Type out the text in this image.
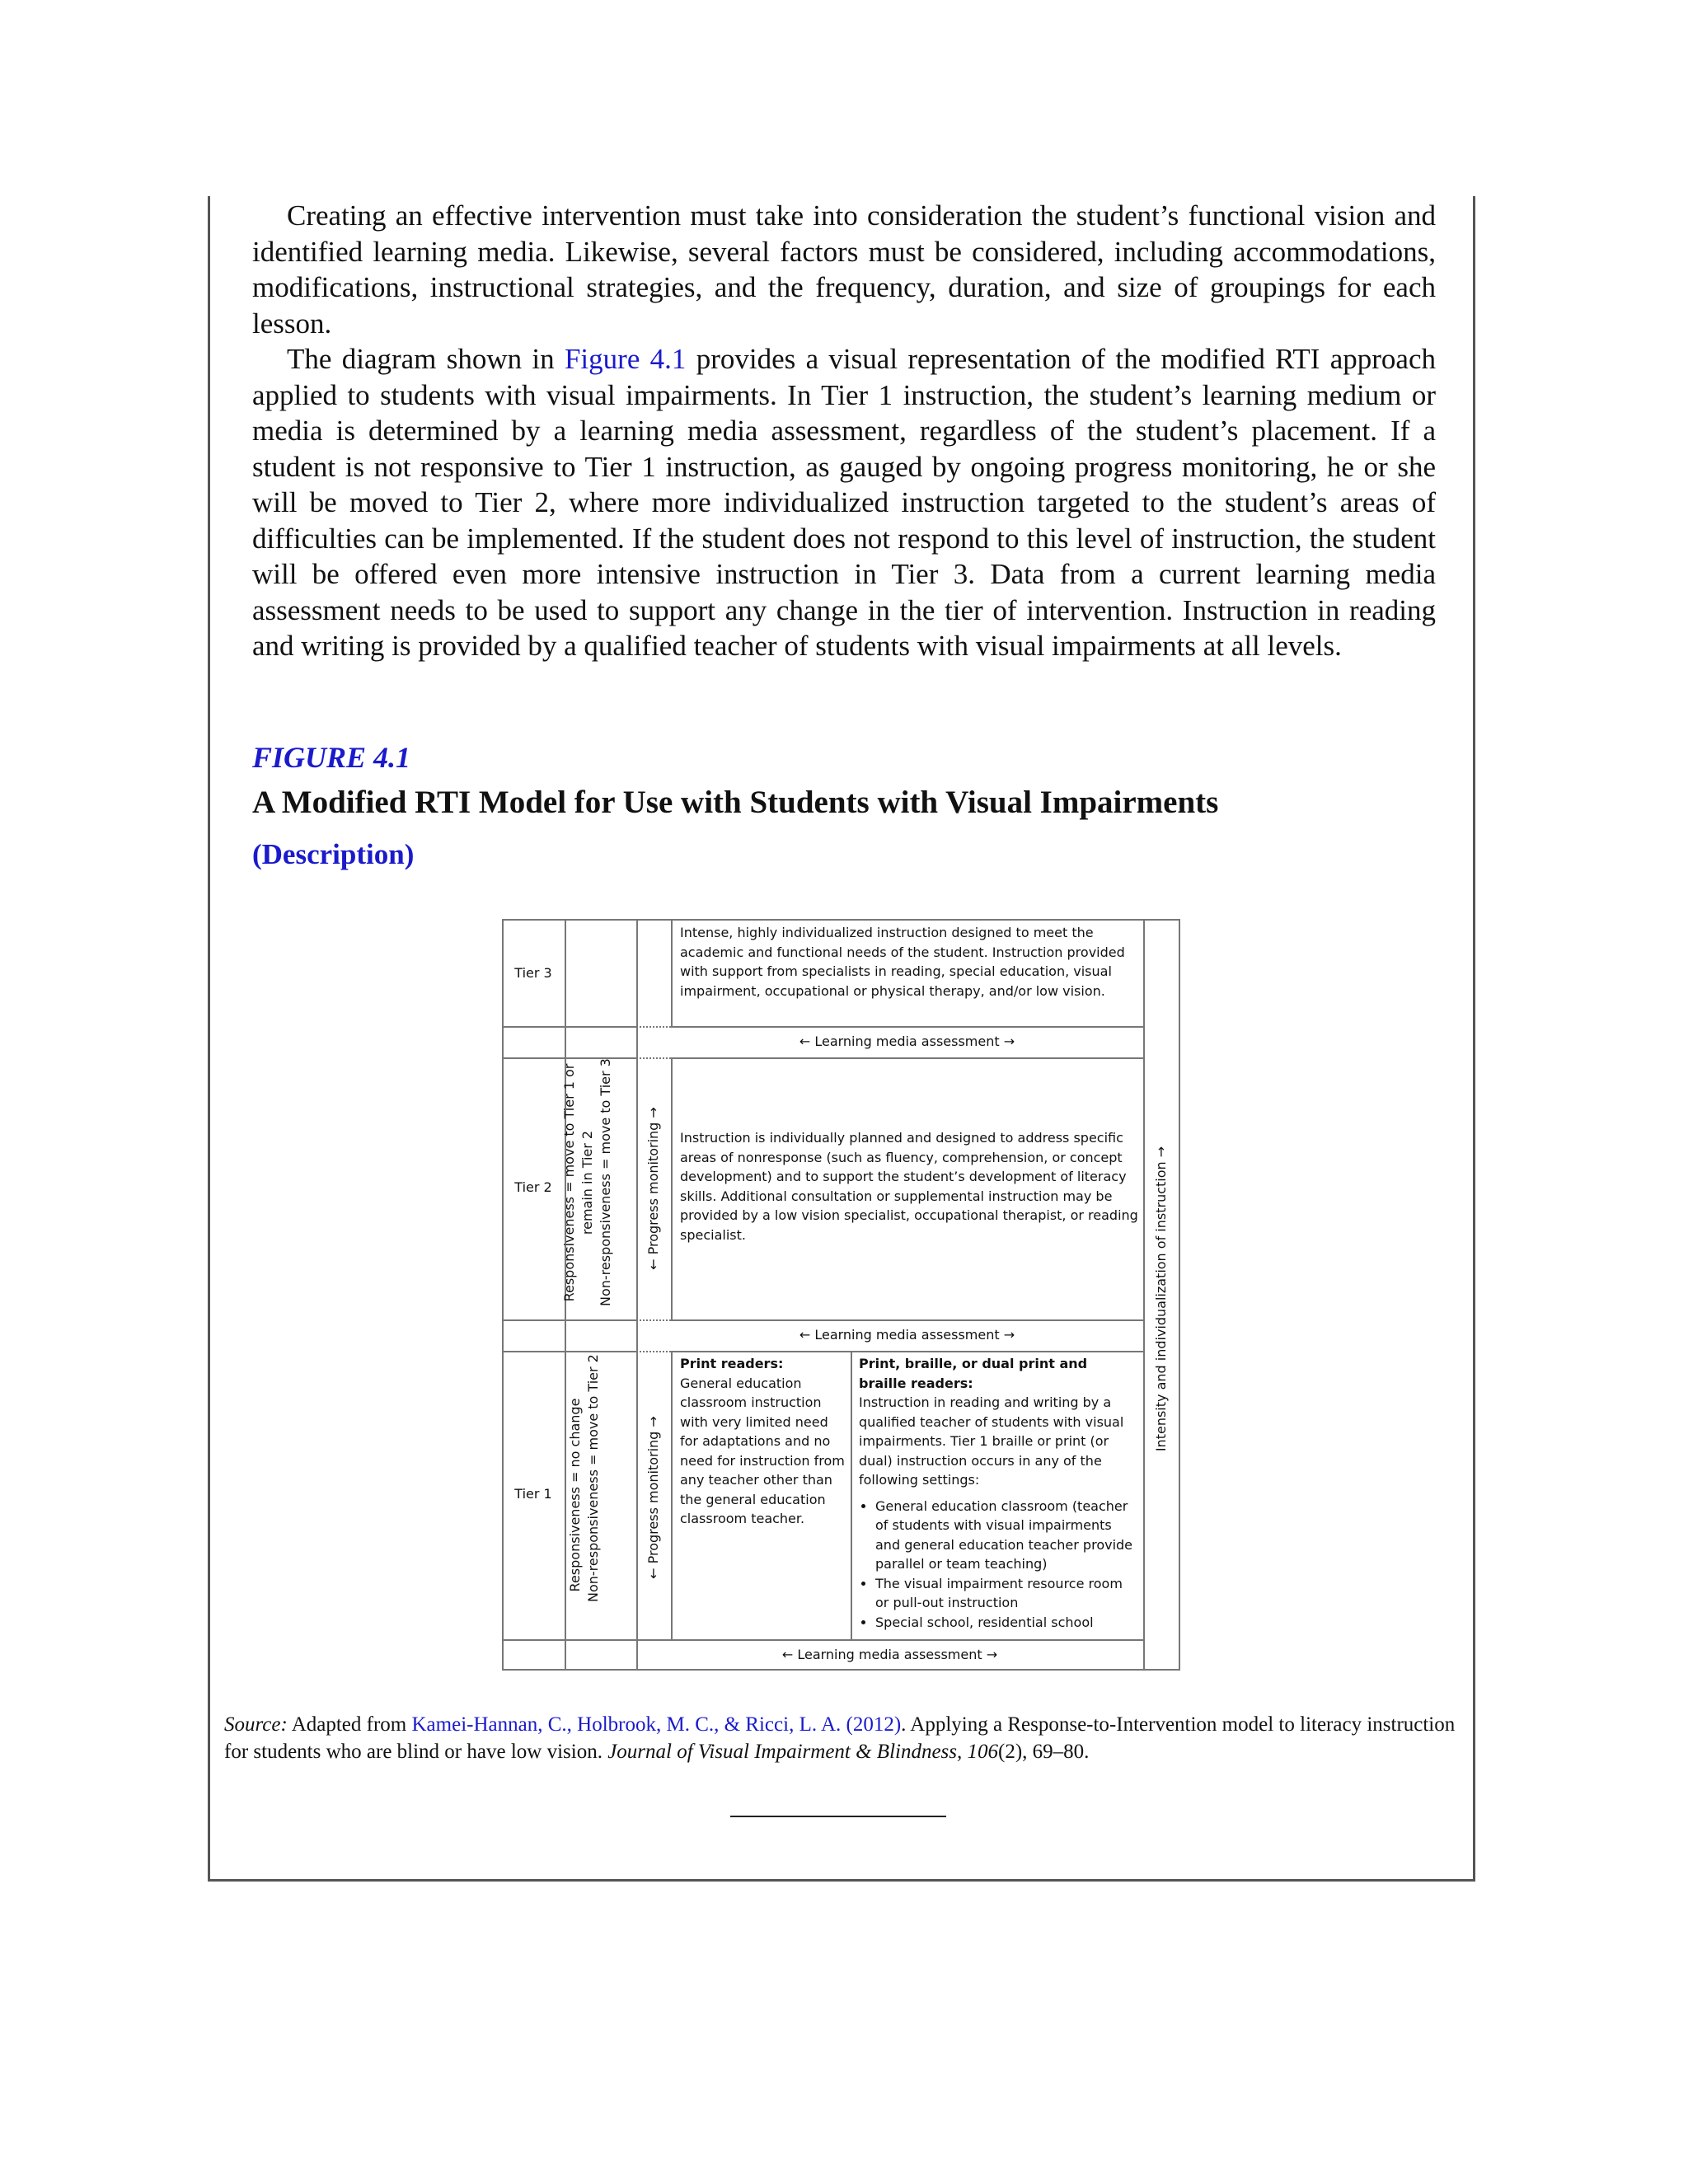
Creating an effective intervention must take into consideration the student’s functional vision and identified learning media. Likewise, several factors must be considered, including accommodations, modifications, instructional strategies, and the frequency, duration, and size of groupings for each lesson.

The diagram shown in Figure 4.1 provides a visual representation of the modified RTI approach applied to students with visual impairments. In Tier 1 instruction, the student’s learning medium or media is determined by a learning media assessment, regardless of the student’s placement. If a student is not responsive to Tier 1 instruction, as gauged by ongoing progress monitoring, he or she will be moved to Tier 2, where more individualized instruction targeted to the student’s areas of difficulties can be implemented. If the student does not respond to this level of instruction, the student will be offered even more intensive instruction in Tier 3. Data from a current learning media assessment needs to be used to support any change in the tier of intervention. Instruction in reading and writing is provided by a qualified teacher of students with visual impairments at all levels.

FIGURE 4.1
A Modified RTI Model for Use with Students with Visual Impairments
(Description)
Tier 3
Tier 2
Tier 1
Intense, highly individualized instruction designed to meet the academic and functional needs of the student. Instruction provided with support from specialists in reading, special education, visual impairment, occupational or physical therapy, and/or low vision.
← Learning media assessment →
← Learning media assessment →
← Learning media assessment →
Responsiveness = move to Tier 1 or remain in Tier 2 Non-responsiveness = move to Tier 3 ← Progress monitoring → Instruction is individually planned and designed to address specific areas of nonresponse (such as fluency, comprehension, or concept development) and to support the student’s development of literacy skills. Additional consultation or supplemental instruction may be provided by a low vision specialist, occupational therapist, or reading specialist.
Responsiveness = no change Non-responsiveness = move to Tier 2	← Progress monitoring →
Print readers:
General education classroom instruction with very limited need for adaptations and no need for instruction from any teacher other than the general education classroom teacher.
Print, braille, or dual print and braille readers:
Instruction in reading and writing by a qualified teacher of students with visual impairments. Tier 1 braille or print (or dual) instruction occurs in any of the following settings:
• General education classroom (teacher of students with visual impairments and general education teacher provide parallel or team teaching)
• The visual impairment resource room or pull-out instruction
• Special school, residential school
Intensity and individualization of instruction →
Source: Adapted from Kamei-Hannan, C., Holbrook, M. C., & Ricci, L. A. (2012). Applying a Response-to-Intervention model to literacy instruction for students who are blind or have low vision. Journal of Visual Impairment & Blindness, 106(2), 69–80.
